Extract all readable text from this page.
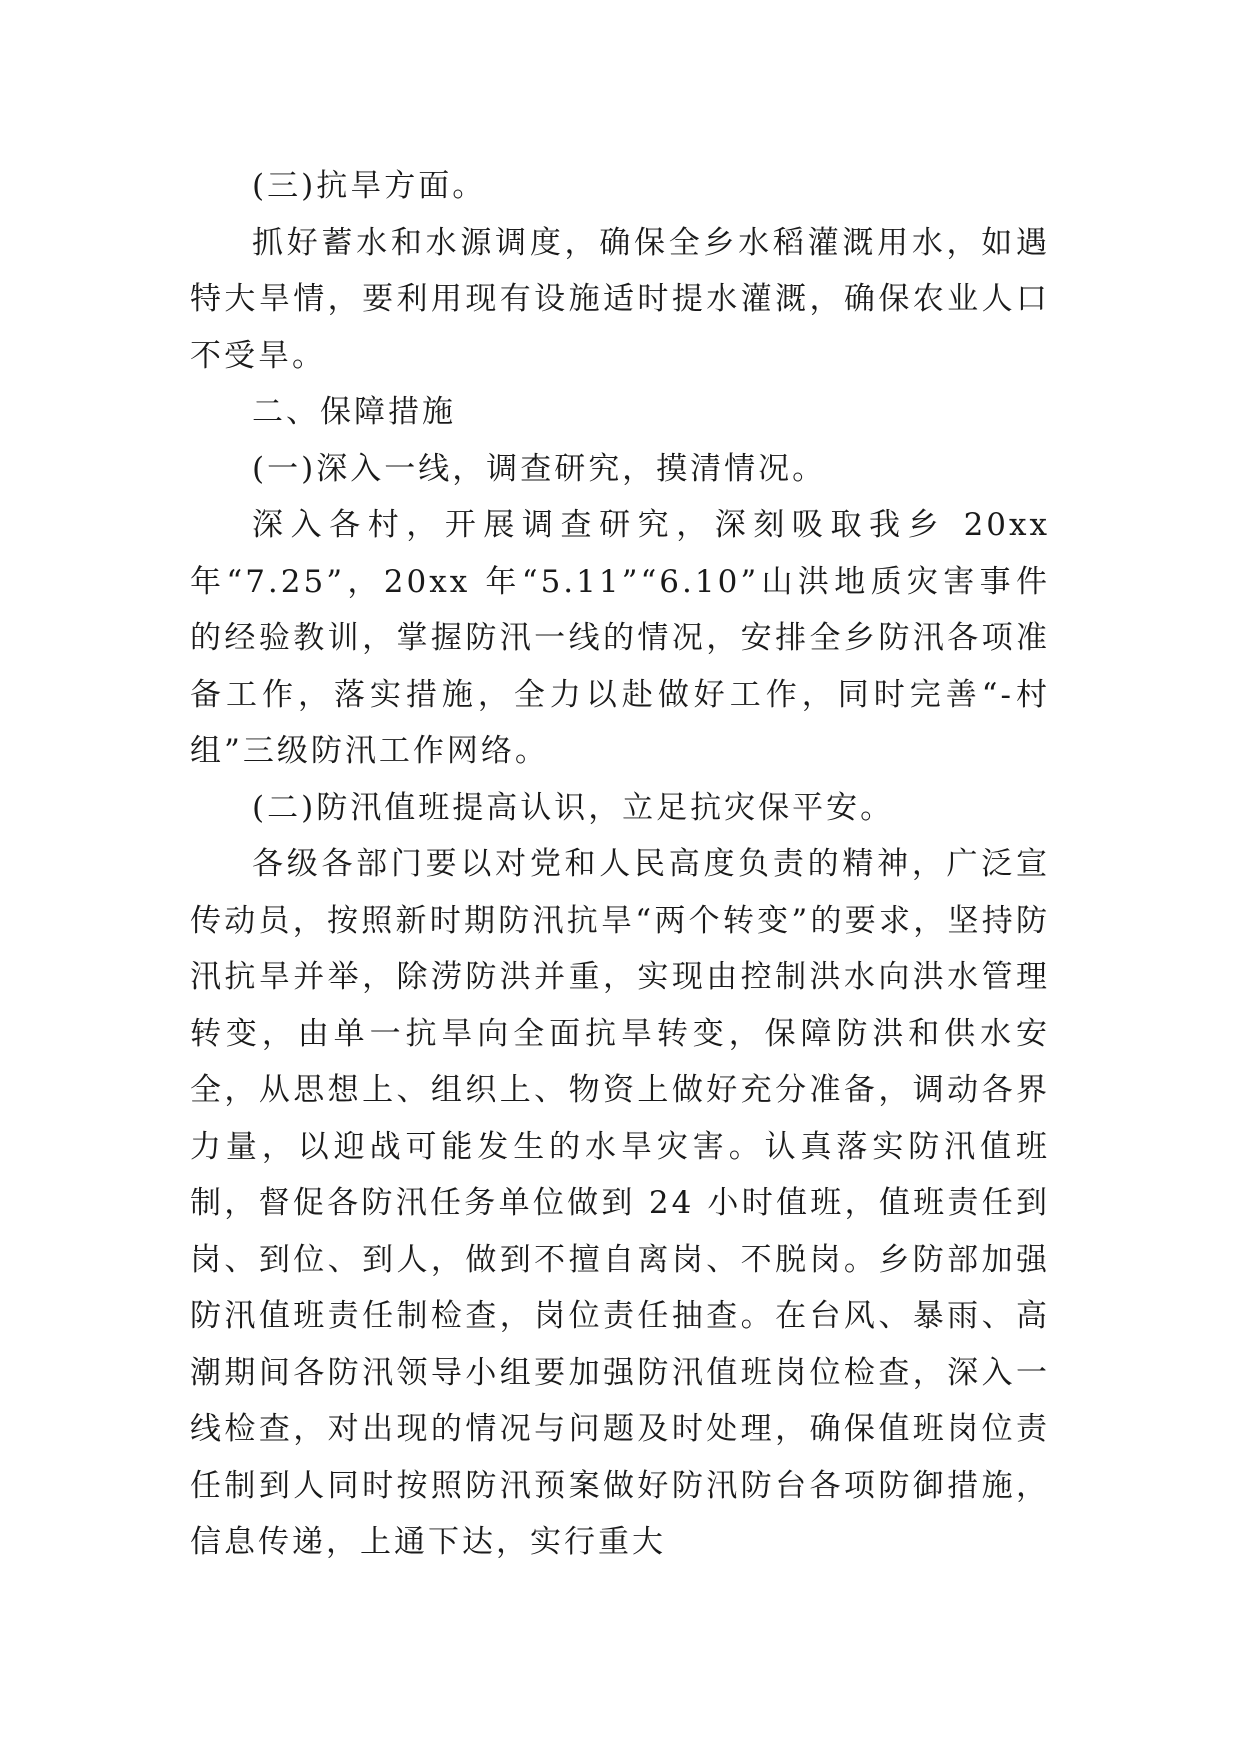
(三)抗旱方面。

抓好蓄水和水源调度，确保全乡水稻灌溉用水，如遇特大旱情，要利用现有设施适时提水灌溉，确保农业人口不受旱。

二、保障措施

(一)深入一线，调查研究，摸清情况。

深入各村，开展调查研究，深刻吸取我乡 20xx 年“7.25”，20xx 年“5.11”“6.10”山洪地质灾害事件的经验教训，掌握防汛一线的情况，安排全乡防汛各项准备工作，落实措施，全力以赴做好工作，同时完善“-村组”三级防汛工作网络。

(二)防汛值班提高认识，立足抗灾保平安。

各级各部门要以对党和人民高度负责的精神，广泛宣传动员，按照新时期防汛抗旱“两个转变”的要求，坚持防汛抗旱并举，除涝防洪并重，实现由控制洪水向洪水管理转变，由单一抗旱向全面抗旱转变，保障防洪和供水安全，从思想上、组织上、物资上做好充分准备，调动各界力量，以迎战可能发生的水旱灾害。认真落实防汛值班制，督促各防汛任务单位做到 24 小时值班，值班责任到岗、到位、到人，做到不擅自离岗、不脱岗。乡防部加强防汛值班责任制检查，岗位责任抽查。在台风、暴雨、高潮期间各防汛领导小组要加强防汛值班岗位检查，深入一线检查，对出现的情况与问题及时处理，确保值班岗位责任制到人同时按照防汛预案做好防汛防台各项防御措施，信息传递，上通下达，实行重大
